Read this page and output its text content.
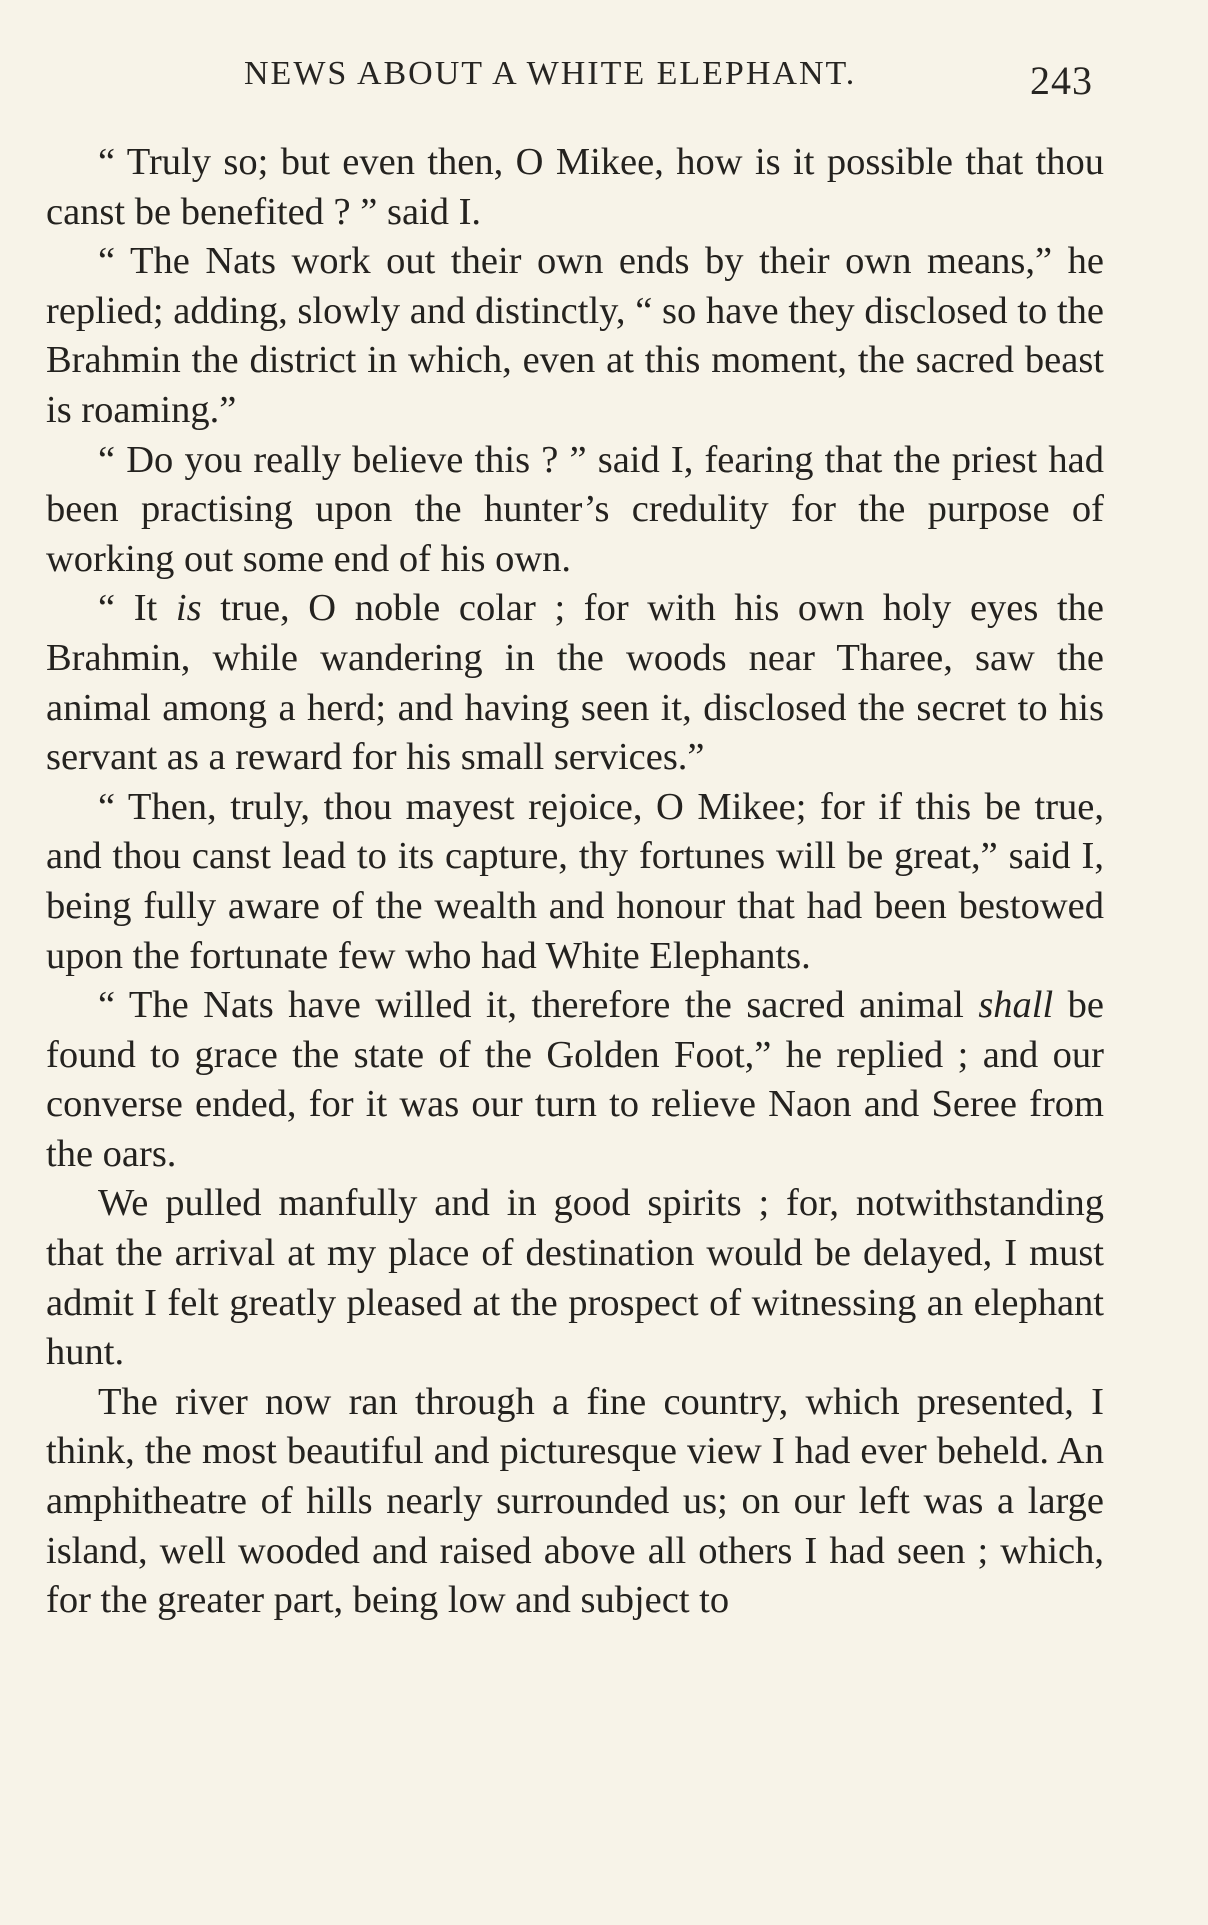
NEWS ABOUT A WHITE ELEPHANT.	243

“ Truly so; but even then, O Mikee, how is it possible that thou canst be benefited ? ” said I.

“ The Nats work out their own ends by their own means,” he replied; adding, slowly and distinctly, “ so have they disclosed to the Brahmin the district in which, even at this moment, the sacred beast is roaming.”

“ Do you really believe this ? ” said I, fearing that the priest had been practising upon the hunter’s credulity for the purpose of working out some end of his own.

“ It is true, O noble colar ; for with his own holy eyes the Brahmin, while wandering in the woods near Tharee, saw the animal among a herd; and having seen it, disclosed the secret to his servant as a reward for his small services.”

“ Then, truly, thou mayest rejoice, O Mikee; for if this be true, and thou canst lead to its capture, thy fortunes will be great,” said I, being fully aware of the wealth and honour that had been bestowed upon the fortunate few who had White Elephants.

“ The Nats have willed it, therefore the sacred animal shall be found to grace the state of the Golden Foot,” he replied ; and our converse ended, for it was our turn to relieve Naon and Seree from the oars.

We pulled manfully and in good spirits ; for, notwithstanding that the arrival at my place of destination would be delayed, I must admit I felt greatly pleased at the prospect of witnessing an elephant hunt.

The river now ran through a fine country, which presented, I think, the most beautiful and picturesque view I had ever beheld. An amphitheatre of hills nearly surrounded us; on our left was a large island, well wooded and raised above all others I had seen ; which, for the greater part, being low and subject to
